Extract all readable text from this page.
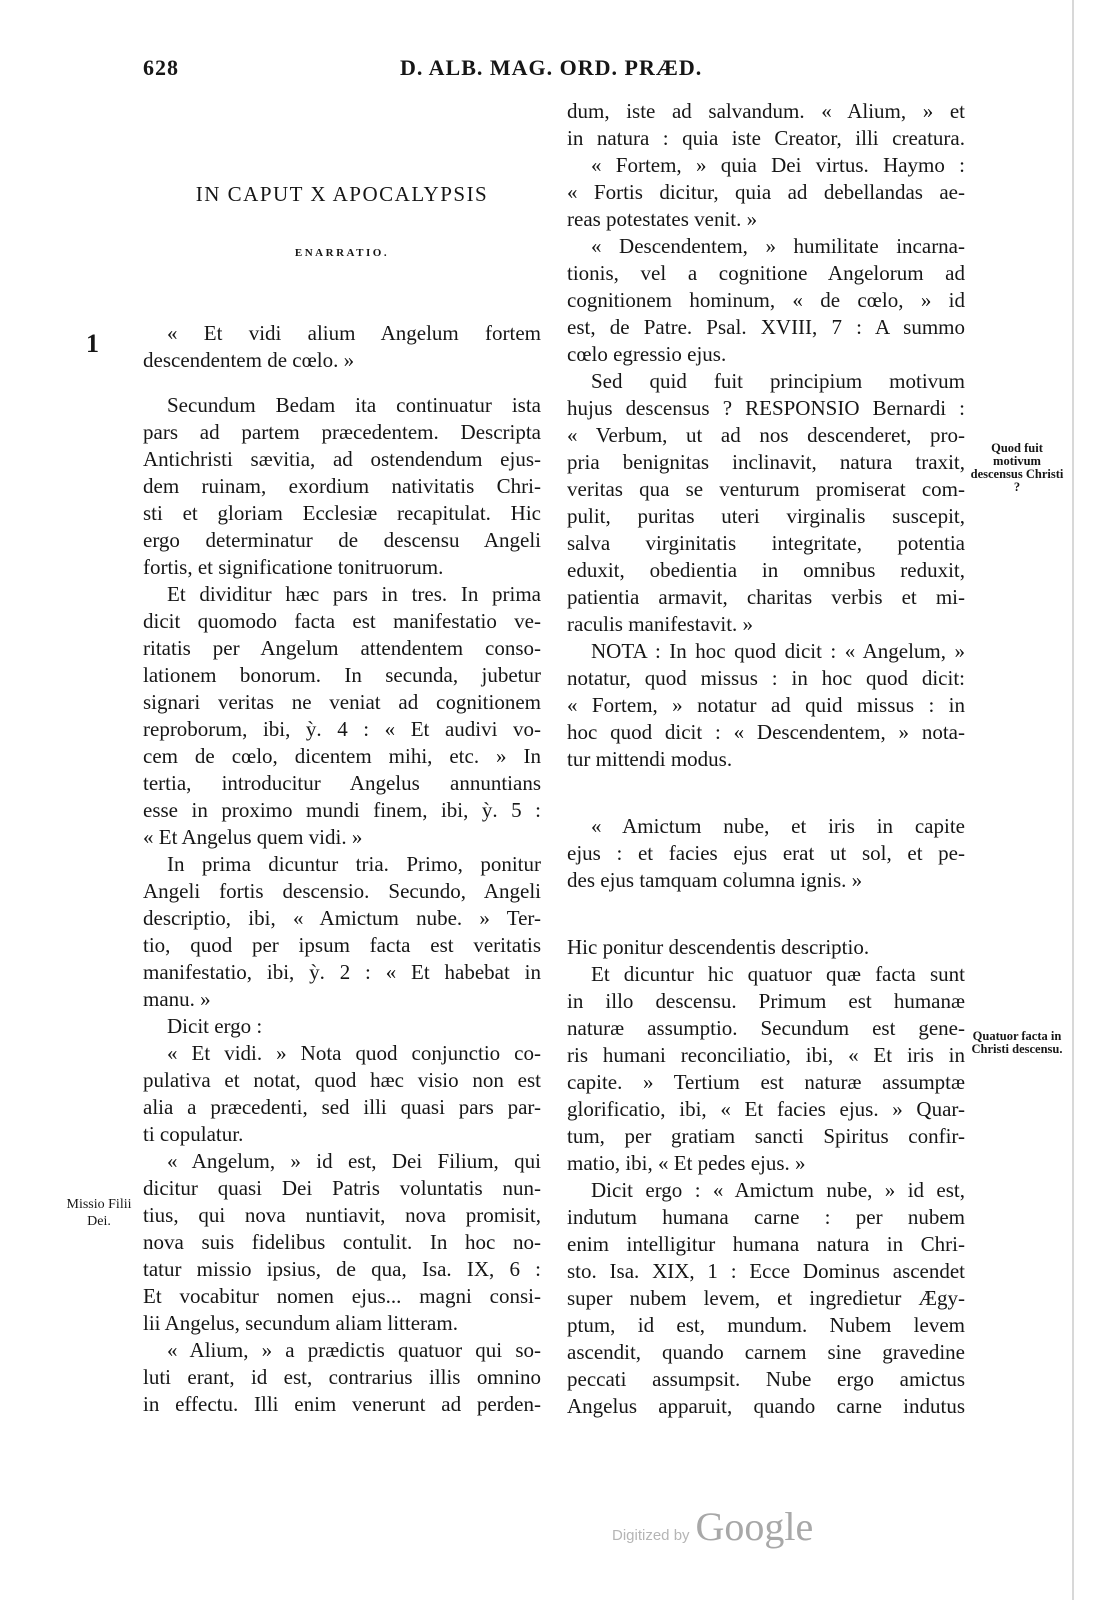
628	D. ALB. MAG. ORD. PRÆD.
1
Missio Filii Dei.
Quod fuit motivum descensus Christi ?
Quatuor facta in Christi descensu.
IN CAPUT X APOCALYPSIS
ENARRATIO.
« Et vidi alium Angelum fortem
descendentem de cœlo. »
Secundum Bedam ita continuatur ista
pars ad partem præcedentem. Descripta
Antichristi sævitia, ad ostendendum ejus-
dem ruinam, exordium nativitatis Chri-
sti et gloriam Ecclesiæ recapitulat. Hic
ergo determinatur de descensu Angeli
fortis, et significatione tonitruorum.
Et dividitur hæc pars in tres. In prima
dicit quomodo facta est manifestatio ve-
ritatis per Angelum attendentem conso-
lationem bonorum. In secunda, jubetur
signari veritas ne veniat ad cognitionem
reproborum, ibi, ỳ. 4 : « Et audivi vo-
cem de cœlo, dicentem mihi, etc. » In
tertia, introducitur Angelus annuntians
esse in proximo mundi finem, ibi, ỳ. 5 :
« Et Angelus quem vidi. »
In prima dicuntur tria. Primo, ponitur
Angeli fortis descensio. Secundo, Angeli
descriptio, ibi, « Amictum nube. » Ter-
tio, quod per ipsum facta est veritatis
manifestatio, ibi, ỳ. 2 : « Et habebat in
manu. »
Dicit ergo :
« Et vidi. » Nota quod conjunctio co-
pulativa et notat, quod hæc visio non est
alia a præcedenti, sed illi quasi pars par-
ti copulatur.
« Angelum, » id est, Dei Filium, qui
dicitur quasi Dei Patris voluntatis nun-
tius, qui nova nuntiavit, nova promisit,
nova suis fidelibus contulit. In hoc no-
tatur missio ipsius, de qua, Isa. IX, 6 :
Et vocabitur nomen ejus... magni consi-
lii Angelus, secundum aliam litteram.
« Alium, » a prædictis quatuor qui so-
luti erant, id est, contrarius illis omnino
in effectu. Illi enim venerunt ad perden-
dum, iste ad salvandum. « Alium, » et
in natura : quia iste Creator, illi creatura.
« Fortem, » quia Dei virtus. Haymo :
« Fortis dicitur, quia ad debellandas ae-
reas potestates venit. »
« Descendentem, » humilitate incarna-
tionis, vel a cognitione Angelorum ad
cognitionem hominum, « de cœlo, » id
est, de Patre. Psal. XVIII, 7 : A summo
cœlo egressio ejus.
Sed quid fuit principium motivum
hujus descensus ? RESPONSIO Bernardi :
« Verbum, ut ad nos descenderet, pro-
pria benignitas inclinavit, natura traxit,
veritas qua se venturum promiserat com-
pulit, puritas uteri virginalis suscepit,
salva virginitatis integritate, potentia
eduxit, obedientia in omnibus reduxit,
patientia armavit, charitas verbis et mi-
raculis manifestavit. »
NOTA : In hoc quod dicit : « Angelum, »
notatur, quod missus : in hoc quod dicit:
« Fortem, » notatur ad quid missus : in
hoc quod dicit : « Descendentem, » nota-
tur mittendi modus.
« Amictum nube, et iris in capite
ejus : et facies ejus erat ut sol, et pe-
des ejus tamquam columna ignis. »
Hic ponitur descendentis descriptio.
Et dicuntur hic quatuor quæ facta sunt
in illo descensu. Primum est humanæ
naturæ assumptio. Secundum est gene-
ris humani reconciliatio, ibi, « Et iris in
capite. » Tertium est naturæ assumptæ
glorificatio, ibi, « Et facies ejus. » Quar-
tum, per gratiam sancti Spiritus confir-
matio, ibi, « Et pedes ejus. »
Dicit ergo : « Amictum nube, » id est,
indutum humana carne : per nubem
enim intelligitur humana natura in Chri-
sto. Isa. XIX, 1 : Ecce Dominus ascendet
super nubem levem, et ingredietur Ægy-
ptum, id est, mundum. Nubem levem
ascendit, quando carnem sine gravedine
peccati assumpsit. Nube ergo amictus
Angelus apparuit, quando carne indutus
Digitized by Google
